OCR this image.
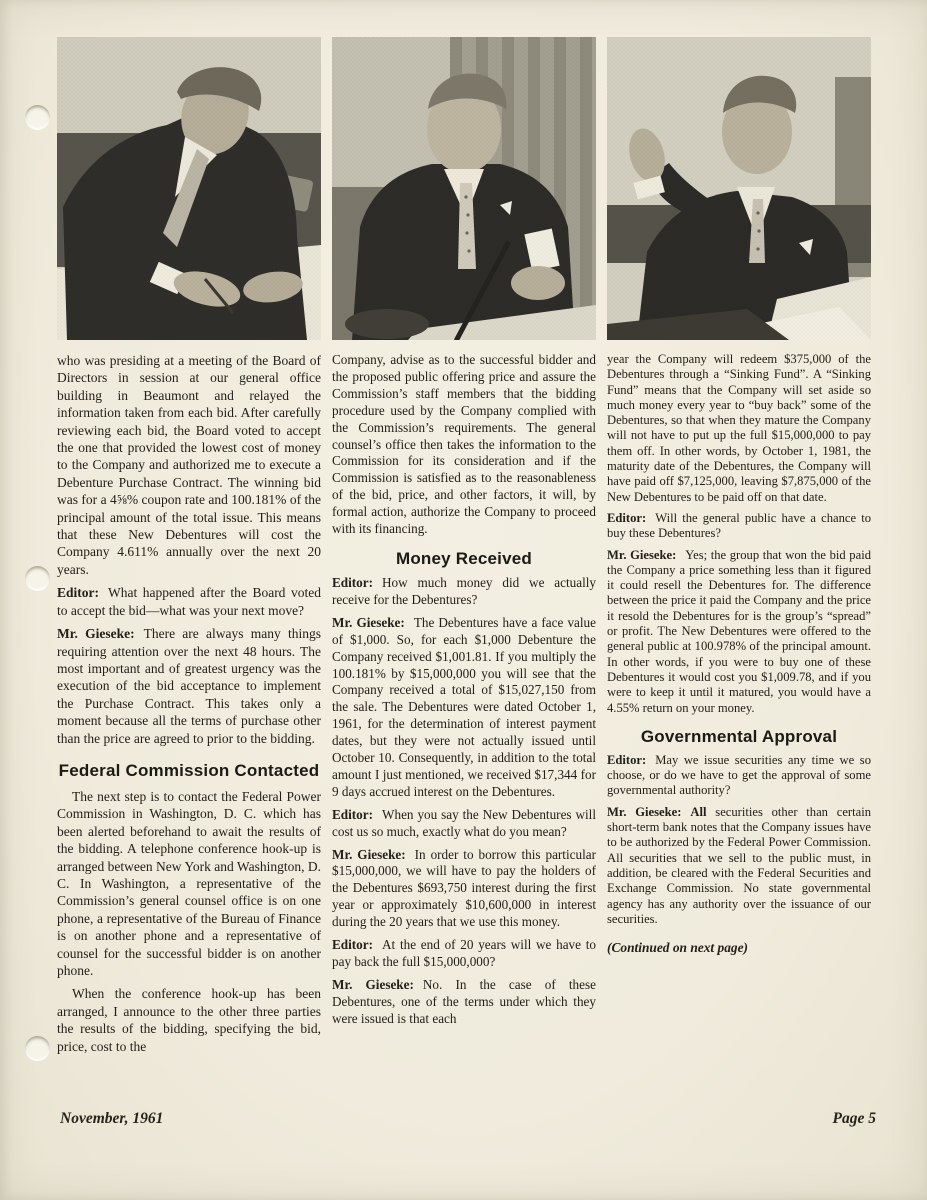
who was presiding at a meeting of the Board of Directors in session at our general office building in Beaumont and relayed the information taken from each bid. After carefully reviewing each bid, the Board voted to accept the one that provided the lowest cost of money to the Company and authorized me to execute a Debenture Purchase Contract. The winning bid was for a 4⅝% coupon rate and 100.181% of the principal amount of the total issue. This means that these New Debentures will cost the Company 4.611% annually over the next 20 years.

Editor: What happened after the Board voted to accept the bid—what was your next move?

Mr. Gieseke: There are always many things requiring attention over the next 48 hours. The most important and of greatest urgency was the execution of the bid acceptance to implement the Purchase Contract. This takes only a moment because all the terms of purchase other than the price are agreed to prior to the bidding.

Federal Commission Contacted

The next step is to contact the Federal Power Commission in Washington, D. C. which has been alerted beforehand to await the results of the bidding. A telephone conference hook-up is arranged between New York and Washington, D. C. In Washington, a representative of the Commission’s general counsel office is on one phone, a representative of the Bureau of Finance is on another phone and a representative of counsel for the successful bidder is on another phone.

When the conference hook-up has been arranged, I announce to the other three parties the results of the bidding, specifying the bid, price, cost to the

Company, advise as to the successful bidder and the proposed public offering price and assure the Commission’s staff members that the bidding procedure used by the Company complied with the Commission’s requirements. The general counsel’s office then takes the information to the Commission for its consideration and if the Commission is satisfied as to the reasonableness of the bid, price, and other factors, it will, by formal action, authorize the Company to proceed with its financing.

Money Received

Editor: How much money did we actually receive for the Debentures?

Mr. Gieseke: The Debentures have a face value of $1,000. So, for each $1,000 Debenture the Company received $1,001.81. If you multiply the 100.181% by $15,000,000 you will see that the Company received a total of $15,027,150 from the sale. The Debentures were dated October 1, 1961, for the determination of interest payment dates, but they were not actually issued until October 10. Consequently, in addition to the total amount I just mentioned, we received $17,344 for 9 days accrued interest on the Debentures.

Editor: When you say the New Debentures will cost us so much, exactly what do you mean?

Mr. Gieseke: In order to borrow this particular $15,000,000, we will have to pay the holders of the Debentures $693,750 interest during the first year or approximately $10,600,000 in interest during the 20 years that we use this money.

Editor: At the end of 20 years will we have to pay back the full $15,000,000?

Mr. Gieseke: No. In the case of these Debentures, one of the terms under which they were issued is that each

year the Company will redeem $375,000 of the Debentures through a “Sinking Fund”. A “Sinking Fund” means that the Company will set aside so much money every year to “buy back” some of the Debentures, so that when they mature the Company will not have to put up the full $15,000,000 to pay them off. In other words, by October 1, 1981, the maturity date of the Debentures, the Company will have paid off $7,125,000, leaving $7,875,000 of the New Debentures to be paid off on that date.

Editor: Will the general public have a chance to buy these Debentures?

Mr. Gieseke: Yes; the group that won the bid paid the Company a price something less than it figured it could resell the Debentures for. The difference between the price it paid the Company and the price it resold the Debentures for is the group’s “spread” or profit. The New Debentures were offered to the general public at 100.978% of the principal amount. In other words, if you were to buy one of these Debentures it would cost you $1,009.78, and if you were to keep it until it matured, you would have a 4.55% return on your money.

Governmental Approval

Editor: May we issue securities any time we so choose, or do we have to get the approval of some governmental authority?

Mr. Gieseke: All securities other than certain short-term bank notes that the Company issues have to be authorized by the Federal Power Commission. All securities that we sell to the public must, in addition, be cleared with the Federal Securities and Exchange Commission. No state governmental agency has any authority over the issuance of our securities.

(Continued on next page)

November, 1961	Page 5
